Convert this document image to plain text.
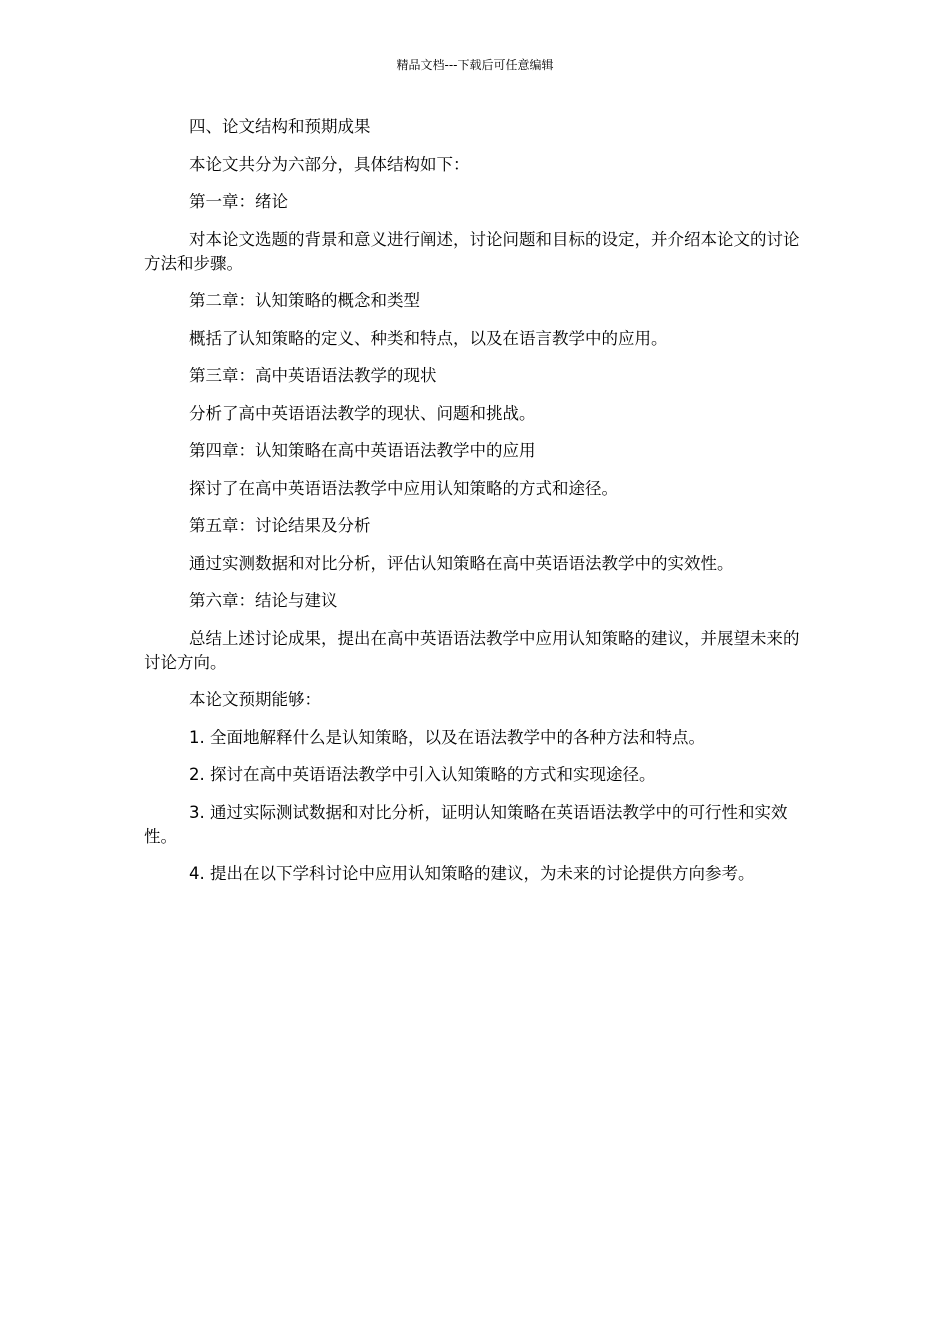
精品文档---下载后可任意编辑

四、论文结构和预期成果

本论文共分为六部分，具体结构如下：

第一章：绪论

对本论文选题的背景和意义进行阐述，讨论问题和目标的设定，并介绍本论文的讨论方法和步骤。

第二章：认知策略的概念和类型

概括了认知策略的定义、种类和特点，以及在语言教学中的应用。

第三章：高中英语语法教学的现状

分析了高中英语语法教学的现状、问题和挑战。

第四章：认知策略在高中英语语法教学中的应用

探讨了在高中英语语法教学中应用认知策略的方式和途径。

第五章：讨论结果及分析

通过实测数据和对比分析，评估认知策略在高中英语语法教学中的实效性。

第六章：结论与建议

总结上述讨论成果，提出在高中英语语法教学中应用认知策略的建议，并展望未来的讨论方向。

本论文预期能够：

1. 全面地解释什么是认知策略，以及在语法教学中的各种方法和特点。

2. 探讨在高中英语语法教学中引入认知策略的方式和实现途径。

3. 通过实际测试数据和对比分析，证明认知策略在英语语法教学中的可行性和实效性。

4. 提出在以下学科讨论中应用认知策略的建议，为未来的讨论提供方向参考。
